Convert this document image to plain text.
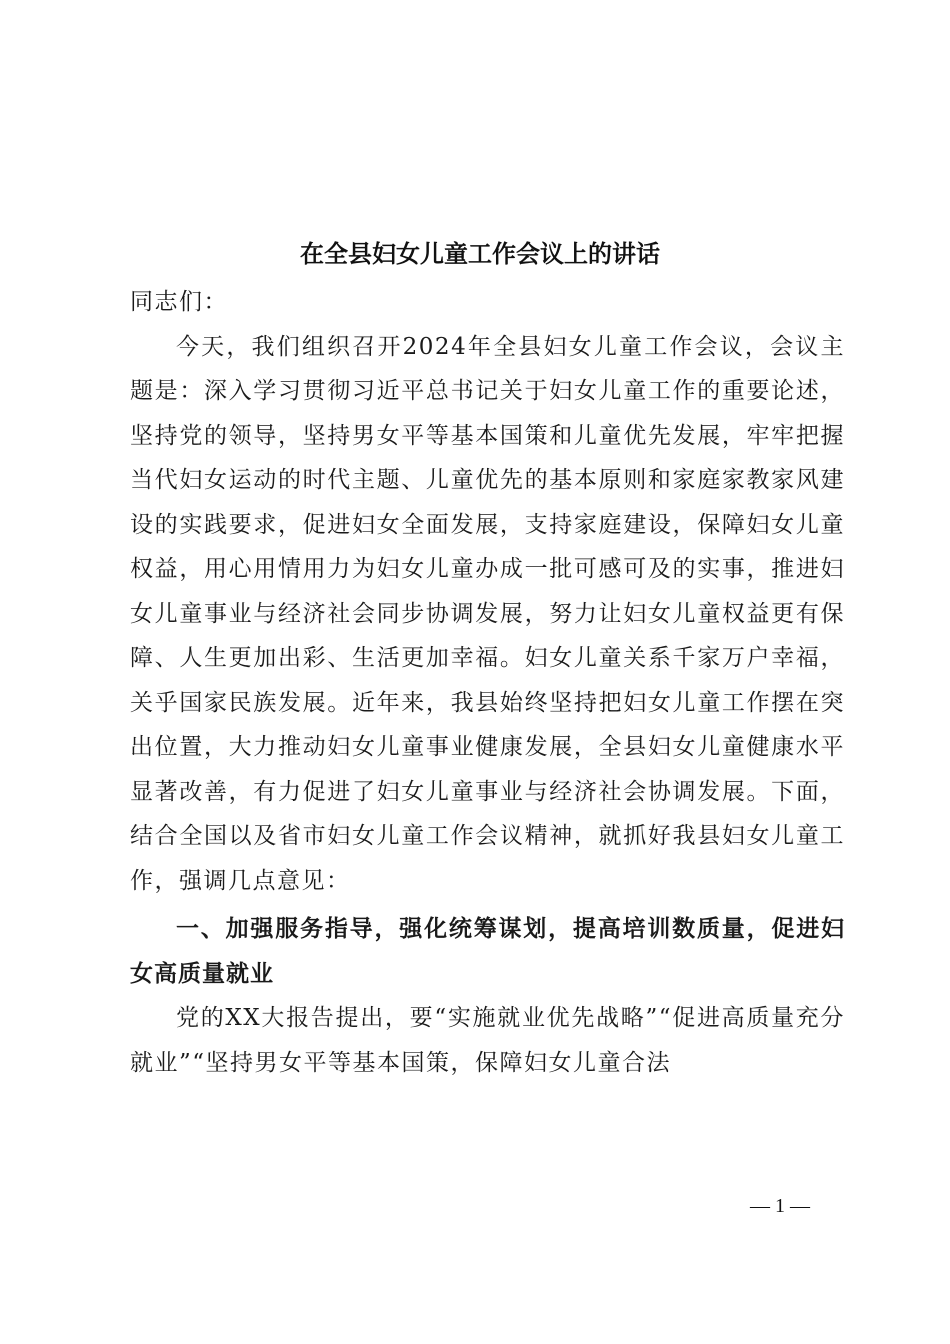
在全县妇女儿童工作会议上的讲话

同志们：

今天，我们组织召开2024年全县妇女儿童工作会议，会议主题是：深入学习贯彻习近平总书记关于妇女儿童工作的重要论述，坚持党的领导，坚持男女平等基本国策和儿童优先发展，牢牢把握当代妇女运动的时代主题、儿童优先的基本原则和家庭家教家风建设的实践要求，促进妇女全面发展，支持家庭建设，保障妇女儿童权益，用心用情用力为妇女儿童办成一批可感可及的实事，推进妇女儿童事业与经济社会同步协调发展，努力让妇女儿童权益更有保障、人生更加出彩、生活更加幸福。妇女儿童关系千家万户幸福，关乎国家民族发展。近年来，我县始终坚持把妇女儿童工作摆在突出位置，大力推动妇女儿童事业健康发展，全县妇女儿童健康水平显著改善，有力促进了妇女儿童事业与经济社会协调发展。下面，结合全国以及省市妇女儿童工作会议精神，就抓好我县妇女儿童工作，强调几点意见：

一、加强服务指导，强化统筹谋划，提高培训数质量，促进妇女高质量就业

党的XX大报告提出，要“实施就业优先战略”“促进高质量充分就业”“坚持男女平等基本国策，保障妇女儿童合法

— 1 —
